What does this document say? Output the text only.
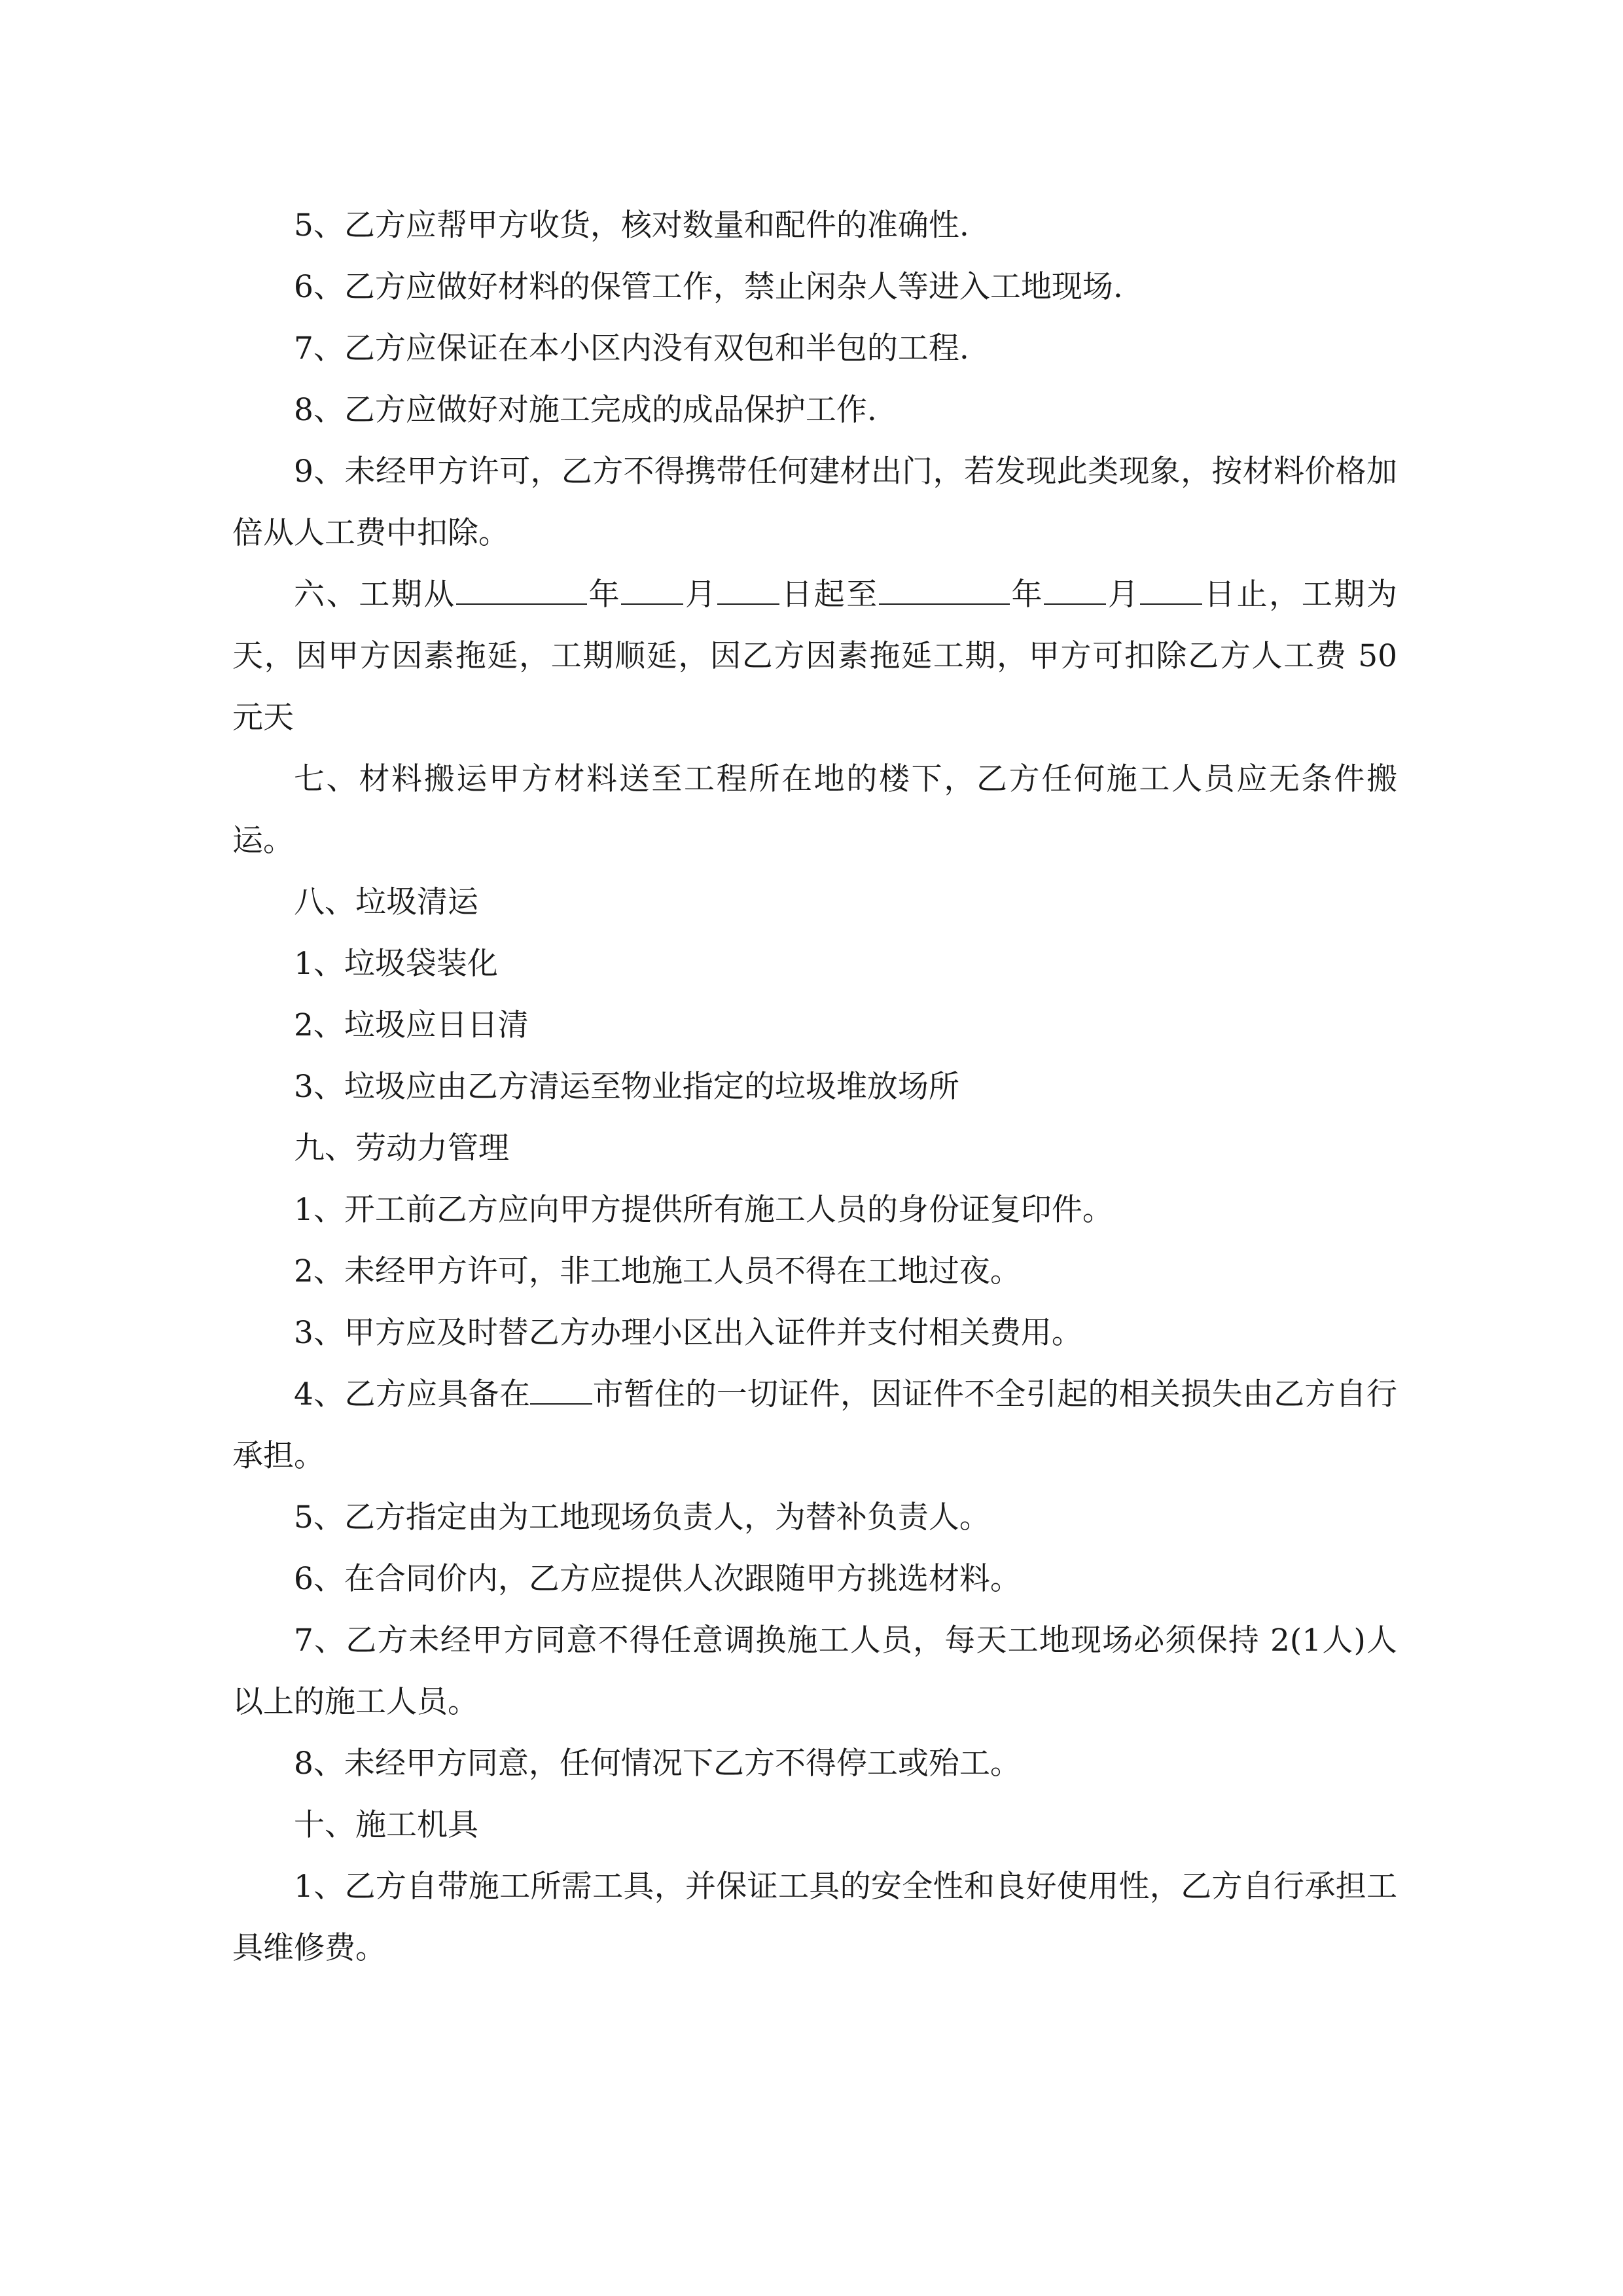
5、乙方应帮甲方收货，核对数量和配件的准确性.

6、乙方应做好材料的保管工作，禁止闲杂人等进入工地现场.

7、乙方应保证在本小区内没有双包和半包的工程.

8、乙方应做好对施工完成的成品保护工作.

9、未经甲方许可，乙方不得携带任何建材出门，若发现此类现象，按材料价格加倍从人工费中扣除。

六、工期从	年 月 日起至	年 月 日止，工期为天，因甲方因素拖延，工期顺延，因乙方因素拖延工期，甲方可扣除乙方人工费 50 元天

七、材料搬运甲方材料送至工程所在地的楼下，乙方任何施工人员应无条件搬运。

八、垃圾清运

1、垃圾袋装化

2、垃圾应日日清

3、垃圾应由乙方清运至物业指定的垃圾堆放场所

九、劳动力管理

1、开工前乙方应向甲方提供所有施工人员的身份证复印件。

2、未经甲方许可，非工地施工人员不得在工地过夜。

3、甲方应及时替乙方办理小区出入证件并支付相关费用。

4、乙方应具备在 市暂住的一切证件，因证件不全引起的相关损失由乙方自行承担。

5、乙方指定由为工地现场负责人，为替补负责人。

6、在合同价内，乙方应提供人次跟随甲方挑选材料。

7、乙方未经甲方同意不得任意调换施工人员，每天工地现场必须保持 2(1人)人以上的施工人员。

8、未经甲方同意，任何情况下乙方不得停工或殆工。

十、施工机具

1、乙方自带施工所需工具，并保证工具的安全性和良好使用性，乙方自行承担工具维修费。
